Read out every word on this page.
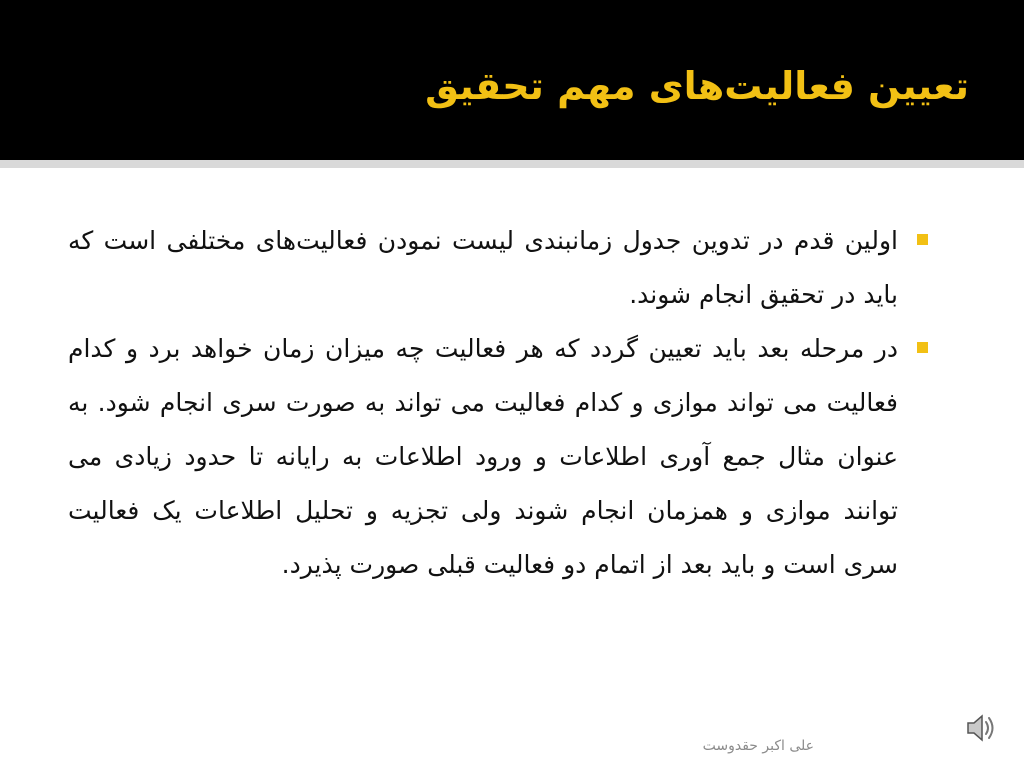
تعیین فعالیت‌های مهم تحقیق
اولین قدم در تدوین جدول زمانبندی لیست نمودن فعالیت‌های مختلفی است که باید در تحقیق انجام شوند.
در مرحله بعد باید تعیین گردد که هر فعالیت چه میزان زمان خواهد برد و کدام فعالیت می تواند موازی و کدام فعالیت می تواند به صورت سری انجام شود. به عنوان مثال جمع آوری اطلاعات و ورود اطلاعات به رایانه تا حدود زیادی می توانند موازی و همزمان انجام شوند ولی تجزیه و تحلیل اطلاعات یک فعالیت سری است و باید بعد از اتمام دو فعالیت قبلی صورت پذیرد.
علی اکبر حقدوست
